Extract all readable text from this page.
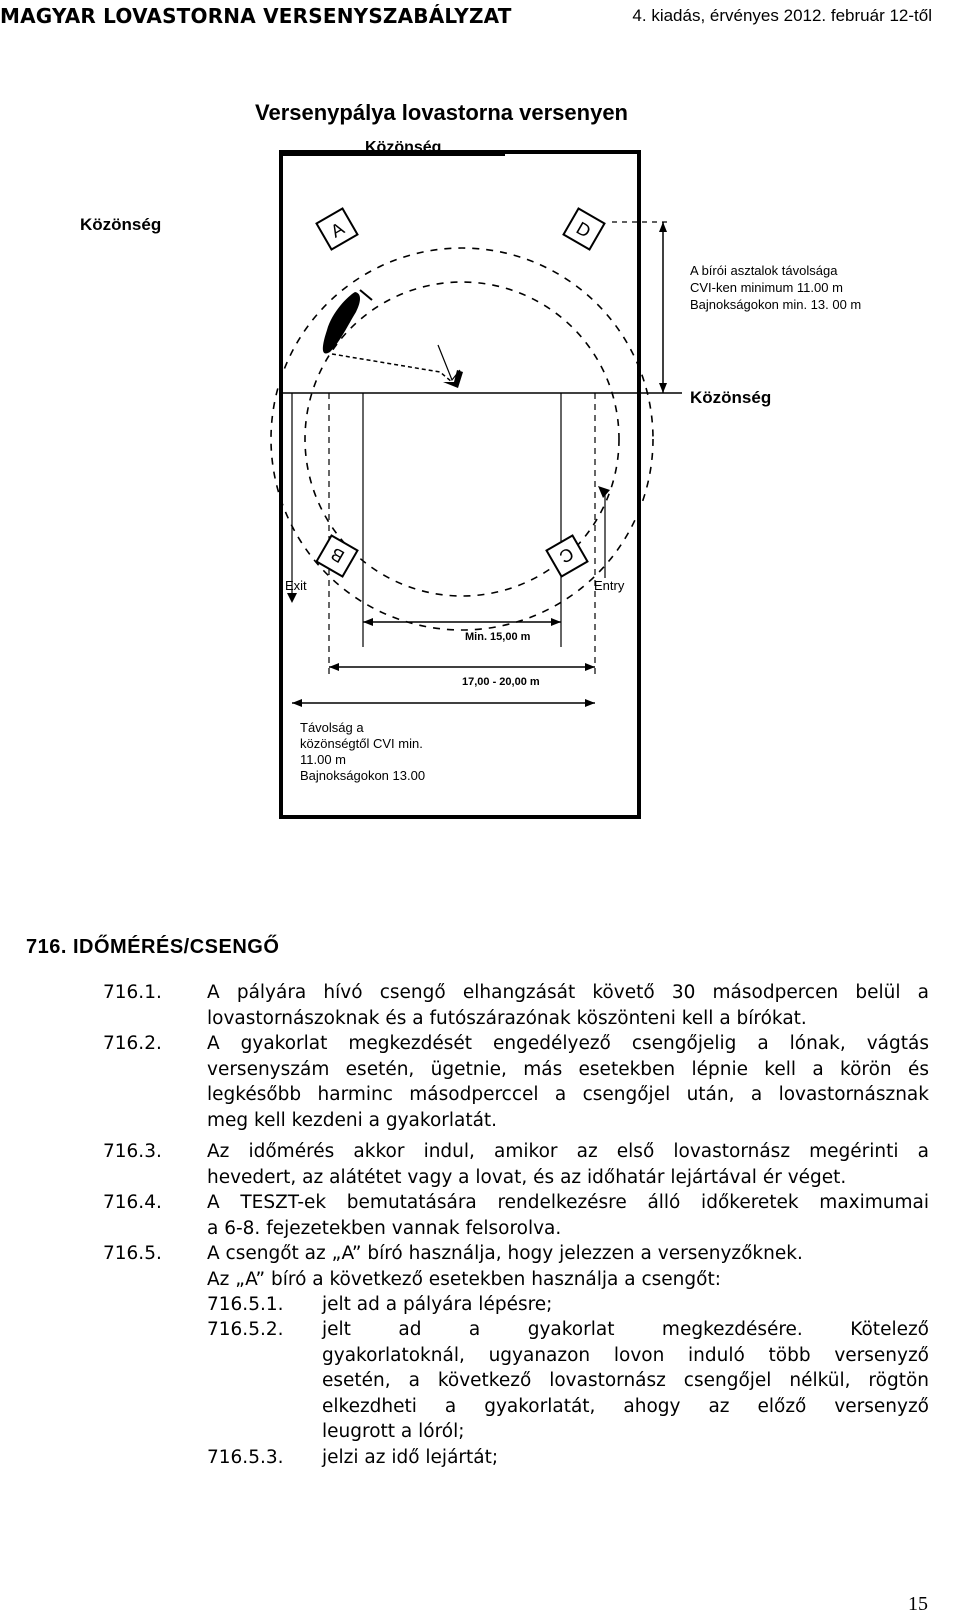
MAGYAR LOVASTORNA VERSENYSZABÁLYZAT	4. kiadás, érvényes 2012. február 12-től
Versenypálya lovastorna versenyen
Közönség
Közönség
Közönség
A bírói asztalok távolsága
CVI-ken minimum 11.00 m
Bajnokságokon min. 13. 00 m
A	D
B	C
Exit	Entry
Min. 15,00 m
17,00 - 20,00 m
Távolság a
közönségtől CVI min.
11.00 m
Bajnokságokon 13.00
716. IDŐMÉRÉS/CSENGŐ
716.1.	A pályára hívó csengő elhangzását követő 30 másodpercen belül a
lovastornászoknak és a futószárazónak köszönteni kell a bírókat.
716.2.	A gyakorlat megkezdését engedélyező csengőjelig a lónak, vágtás
versenyszám esetén, ügetnie, más esetekben lépnie kell a körön és
legkésőbb harminc másodperccel a csengőjel után, a lovastornásznak
meg kell kezdeni a gyakorlatát.
716.3.	Az időmérés akkor indul, amikor az első lovastornász megérinti a
hevedert, az alátétet vagy a lovat, és az időhatár lejártával ér véget.
716.4.	A TESZT-ek bemutatására rendelkezésre álló időkeretek maximumai
a 6-8. fejezetekben vannak felsorolva.
716.5.	A csengőt az „A” bíró használja, hogy jelezzen a versenyzőknek.
Az „A” bíró a következő esetekben használja a csengőt:
716.5.1.	jelt ad a pályára lépésre;
716.5.2.	jelt     ad     a     gyakorlat     megkezdésére.     Kötelező
gyakorlatoknál, ugyanazon lovon induló több versenyző
esetén, a következő lovastornász csengőjel nélkül, rögtön
elkezdheti   a   gyakorlatát,   ahogy   az   előző   versenyző
leugrott a lóról;
716.5.3.	jelzi az idő lejártát;
15
